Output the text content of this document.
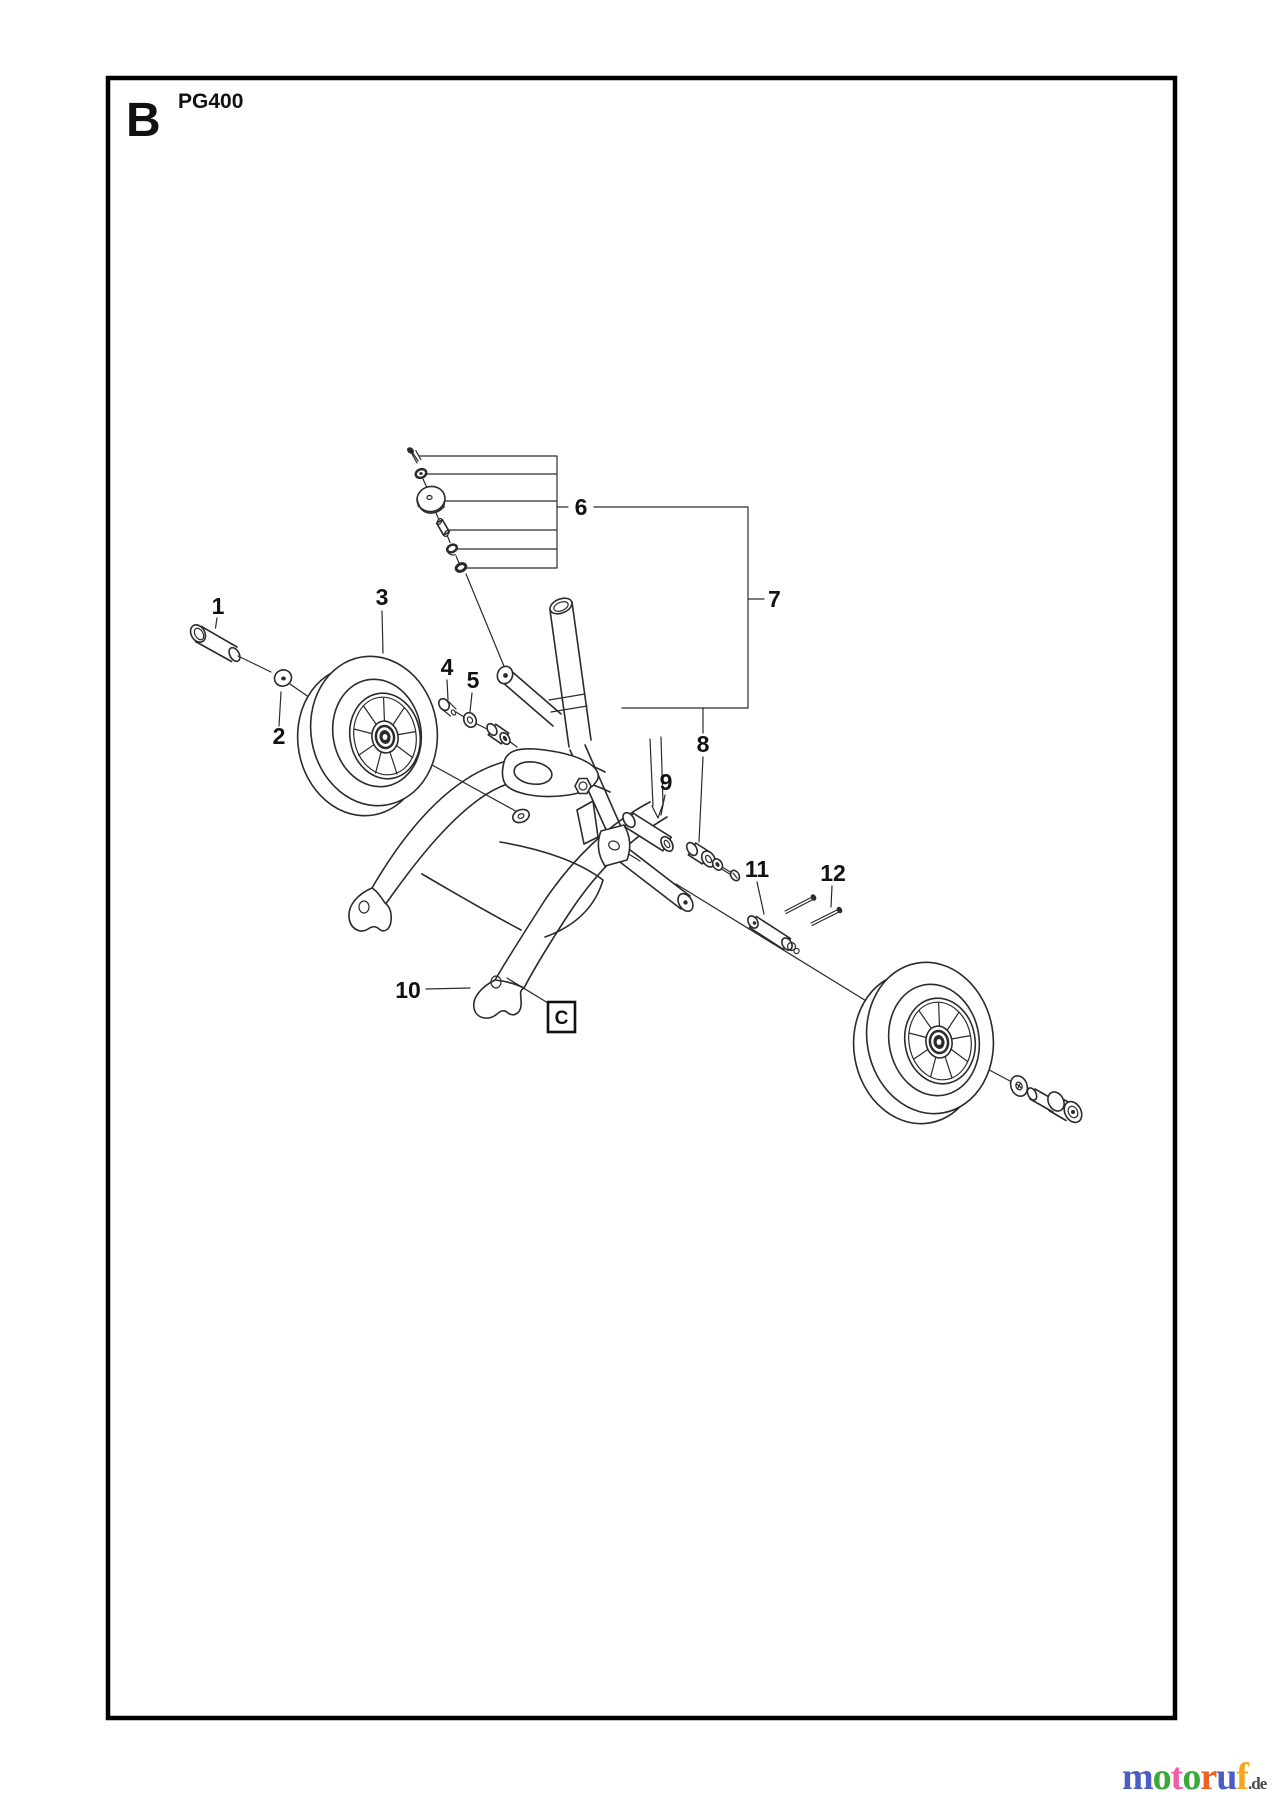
B PG400
1
2
3
4 5
6
7
8
9
10
11 12
C
motoruf.de
